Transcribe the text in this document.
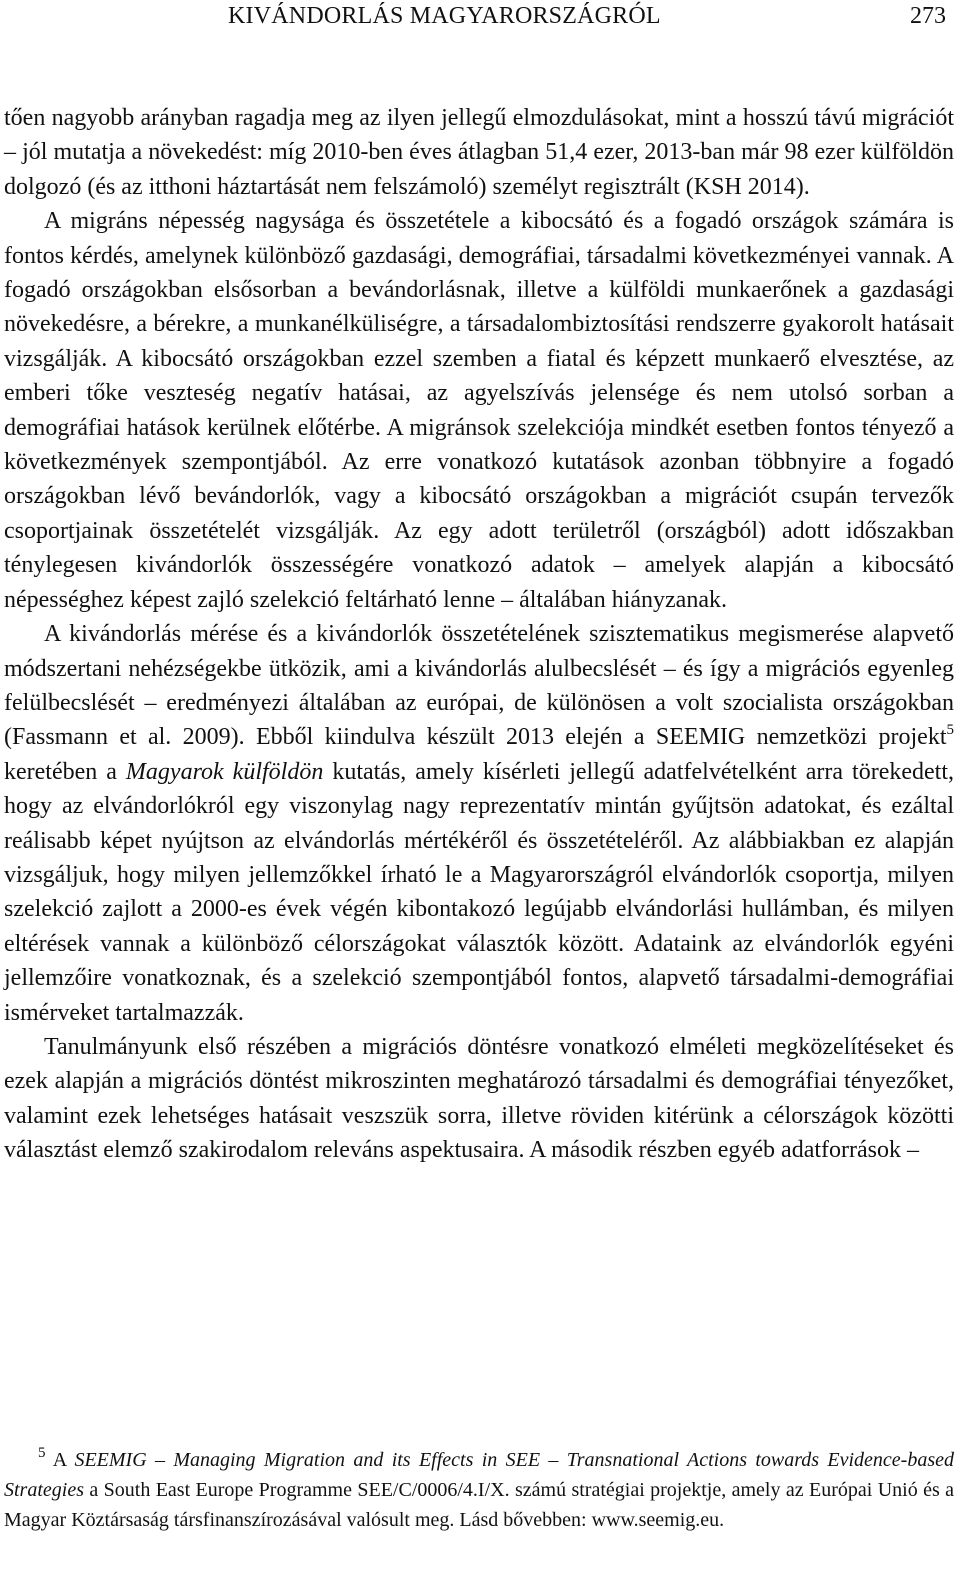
KIVÁNDORLÁS MAGYARORSZÁGRÓL	273

tően nagyobb arányban ragadja meg az ilyen jellegű elmozdulásokat, mint a hosszú távú migrációt – jól mutatja a növekedést: míg 2010-ben éves átlagban 51,4 ezer, 2013-ban már 98 ezer külföldön dolgozó (és az itthoni háztartását nem felszámoló) személyt regisztrált (KSH 2014).

A migráns népesség nagysága és összetétele a kibocsátó és a fogadó országok számára is fontos kérdés, amelynek különböző gazdasági, demográfiai, társadalmi következményei vannak. A fogadó országokban elsősorban a bevándorlásnak, illetve a külföldi munkaerőnek a gazdasági növekedésre, a bérekre, a munkanélküliségre, a társadalombiztosítási rendszerre gyakorolt hatásait vizsgálják. A kibocsátó országokban ezzel szemben a fiatal és képzett munkaerő elvesztése, az emberi tőke veszteség negatív hatásai, az agyelszívás jelensége és nem utolsó sorban a demográfiai hatások kerülnek előtérbe. A migránsok szelekciója mindkét esetben fontos tényező a következmények szempontjából. Az erre vonatkozó kutatások azonban többnyire a fogadó országokban lévő bevándorlók, vagy a kibocsátó országokban a migrációt csupán tervezők csoportjainak összetételét vizsgálják. Az egy adott területről (országból) adott időszakban ténylegesen kivándorlók összességére vonatkozó adatok – amelyek alapján a kibocsátó népességhez képest zajló szelekció feltárható lenne – általában hiányzanak.

A kivándorlás mérése és a kivándorlók összetételének szisztematikus megismerése alapvető módszertani nehézségekbe ütközik, ami a kivándorlás alulbecslését – és így a migrációs egyenleg felülbecslését – eredményezi általában az európai, de különösen a volt szocialista országokban (Fassmann et al. 2009). Ebből kiindulva készült 2013 elején a SEEMIG nemzetközi projekt$^5$ keretében a Magyarok külföldön kutatás, amely kísérleti jellegű adatfelvételként arra törekedett, hogy az elvándorlókról egy viszonylag nagy reprezentatív mintán gyűjtsön adatokat, és ezáltal reálisabb képet nyújtson az elvándorlás mértékéről és összetételéről. Az alábbiakban ez alapján vizsgáljuk, hogy milyen jellemzőkkel írható le a Magyarországról elvándorlók csoportja, milyen szelekció zajlott a 2000-es évek végén kibontakozó legújabb elvándorlási hullámban, és milyen eltérések vannak a különböző célországokat választók között. Adataink az elvándorlók egyéni jellemzőire vonatkoznak, és a szelekció szempontjából fontos, alapvető társadalmi-demográfiai ismérveket tartalmazzák.

Tanulmányunk első részében a migrációs döntésre vonatkozó elméleti megközelítéseket és ezek alapján a migrációs döntést mikroszinten meghatározó társadalmi és demográfiai tényezőket, valamint ezek lehetséges hatásait veszszük sorra, illetve röviden kitérünk a célországok közötti választást elemző szakirodalom releváns aspektusaira. A második részben egyéb adatforrások –

$^5$ A SEEMIG – Managing Migration and its Effects in SEE – Transnational Actions towards Evidence-based Strategies a South East Europe Programme SEE/C/0006/4.I/X. számú stratégiai projektje, amely az Európai Unió és a Magyar Köztársaság társfinanszírozásával valósult meg. Lásd bővebben: www.seemig.eu.
